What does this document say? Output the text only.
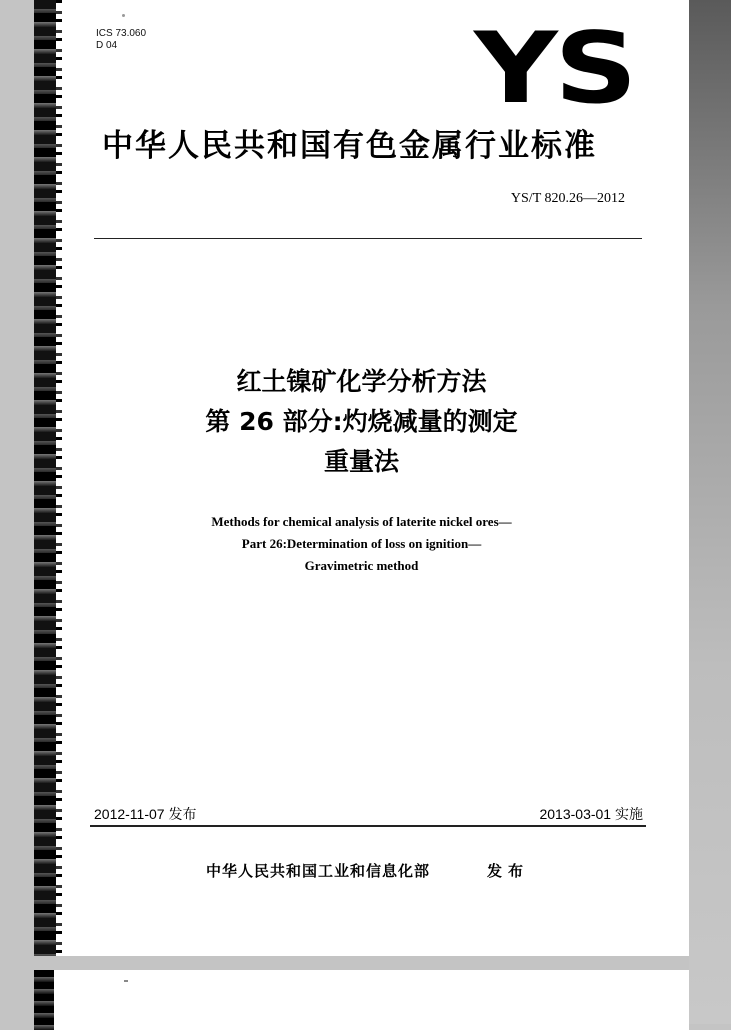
ICS 73.060
D 04	YS
中华人民共和国有色金属行业标准
YS/T 820.26—2012
红土镍矿化学分析方法
第 26 部分:灼烧减量的测定
重量法
Methods for chemical analysis of laterite nickel ores—
Part 26:Determination of loss on ignition—
Gravimetric method
2012-11-07 发布	2013-03-01 实施
中华人民共和国工业和信息化部	发布
